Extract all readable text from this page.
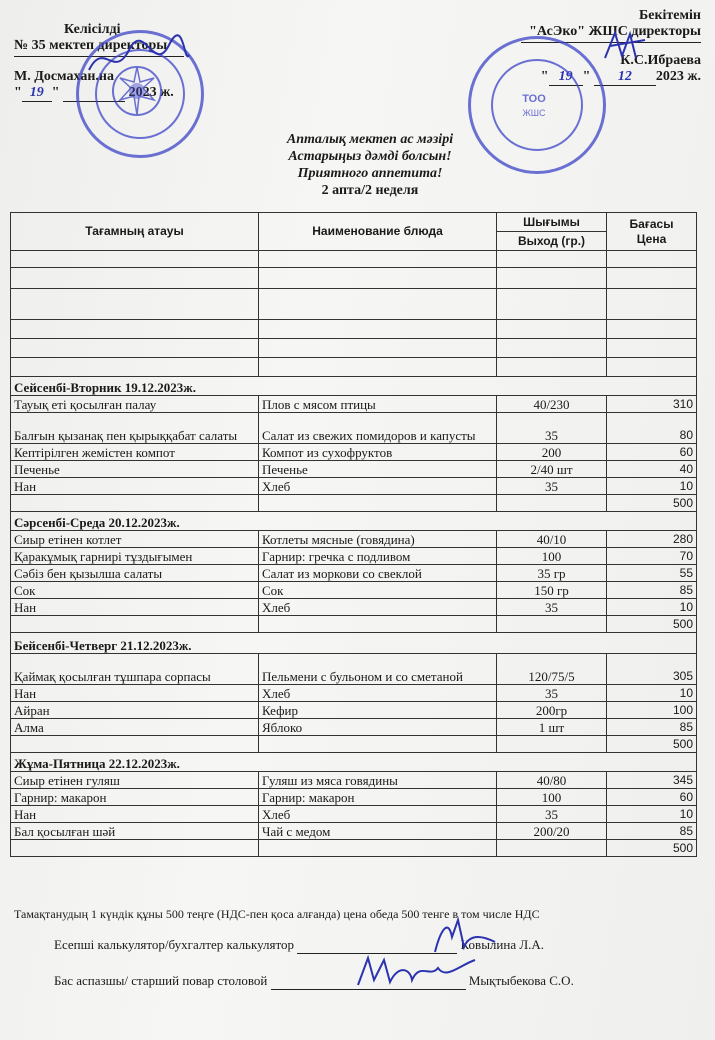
Келісілді
№ 35 мектеп директоры
М. Досмахан.на
" 19 "	2023 ж.
Бекітемін
"АсЭко" ЖШС директоры
К.С.Ибраева
" 19 " 12 2023 ж.
ТОО
ЖШС
Апталық мектеп ас мәзірі
Астарыңыз дәмді болсын!
Приятного аппетита!
2 апта/2 неделя
Тағамның атауы	Наименование блюда	Шығымы	Бағасы
Цена

		Выход (гр.)	

Сейсенбі-Вторник 19.12.2023ж.			
Тауық еті қосылған палау	Плов с мясом птицы	40/230	310
Балғын қызанақ пен қырыққабат салаты	Салат из свежих помидоров и капусты	35	80
Кептірілген жемістен компот	Компот из сухофруктов	200	60
Печенье	Печенье	2/40 шт	40
Нан	Хлеб	35	10
			500
Сәрсенбі-Среда 20.12.2023ж.			
Сиыр етінен котлет	Котлеты мясные (говядина)	40/10	280
Қаракұмық гарнирі тұздығымен	Гарнир: гречка с подливом	100	70
Сәбіз бен қызылша салаты	Салат из моркови со свеклой	35 гр	55
Сок	Сок	150 гр	85
Нан	Хлеб	35	10
			500
Бейсенбі-Четверг 21.12.2023ж.			

Қаймақ қосылған тұшпара сорпасы	Пельмени с бульоном и со сметаной	120/75/5	305
Нан	Хлеб	35	10
Айран	Кефир	200гр	100
Алма	Яблоко	1 шт	85
			500
Жұма-Пятница 22.12.2023ж.			
Сиыр етінен гуляш	Гуляш из мяса говядины	40/80	345
Гарнир: макарон	Гарнир: макарон	100	60
Нан	Хлеб	35	10
Бал қосылған шәй	Чай с медом	200/20	85
			500
Тамақтанудың 1 күндік құны 500 теңге (НДС-пен қоса алғанда) цена обеда 500 тенге в том числе НДС
Есепші калькулятор/бухгалтер калькулятор	Ковылина Л.А.
Бас аспазшы/ старший повар столовой	Мықтыбекова С.О.
